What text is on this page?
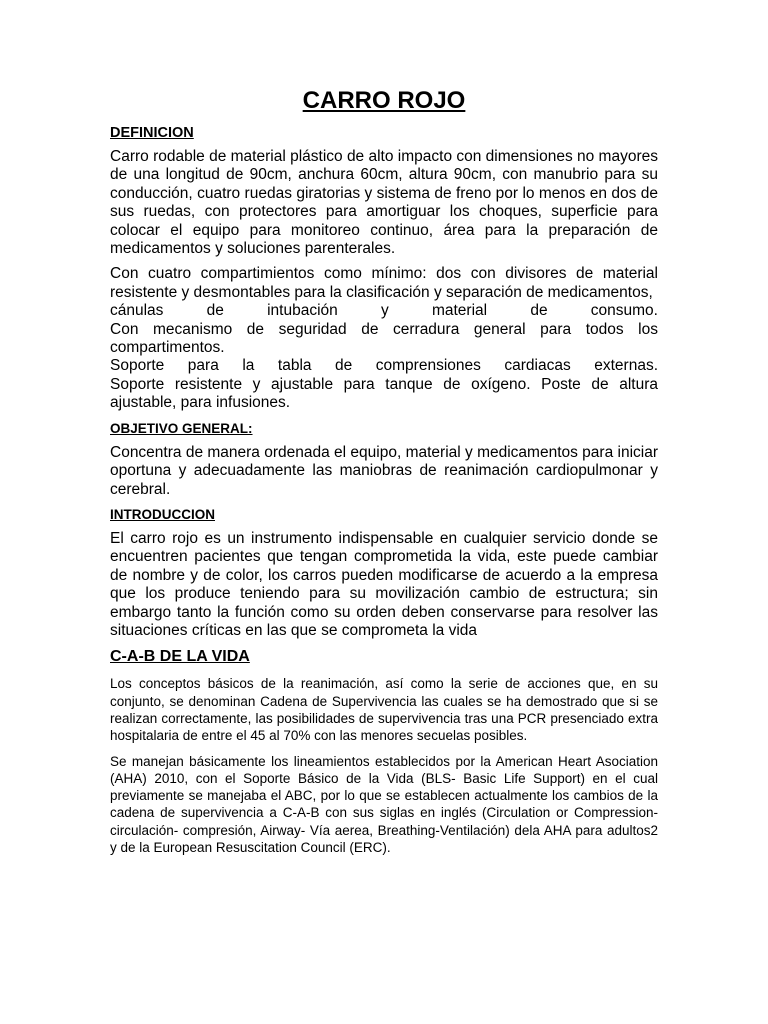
CARRO ROJO
DEFINICION

Carro rodable de material plástico de alto impacto con dimensiones no mayores de una longitud de 90cm, anchura 60cm, altura 90cm, con manubrio para su conducción, cuatro ruedas giratorias y sistema de freno por lo menos en dos de sus ruedas, con protectores para amortiguar los choques, superficie para colocar el equipo para monitoreo continuo, área para la preparación de medicamentos y soluciones parenterales.

Con cuatro compartimientos como mínimo: dos con divisores de material resistente y desmontables para la clasificación y separación de medicamentos,
cánulas de intubación y material de consumo.
Con mecanismo de seguridad de cerradura general para todos los compartimentos.
Soporte para la tabla de comprensiones cardiacas externas.
Soporte resistente y ajustable para tanque de oxígeno. Poste de altura ajustable, para infusiones.

OBJETIVO GENERAL:

Concentra de manera ordenada el equipo, material y medicamentos para iniciar oportuna y adecuadamente las maniobras de reanimación cardiopulmonar y cerebral.

INTRODUCCION

El carro rojo es un instrumento indispensable en cualquier servicio donde se encuentren pacientes que tengan comprometida la vida, este puede cambiar de nombre y de color, los carros pueden modificarse de acuerdo a la empresa que los produce teniendo para su movilización cambio de estructura; sin embargo tanto la función como su orden deben conservarse para resolver las situaciones críticas en las que se comprometa la vida

C-A-B DE LA VIDA

Los conceptos básicos de la reanimación, así como la serie de acciones que, en su conjunto, se denominan Cadena de Supervivencia las cuales se ha demostrado que si se realizan correctamente, las posibilidades de supervivencia tras una PCR presenciado extra hospitalaria de entre el 45 al 70% con las menores secuelas posibles.

Se manejan básicamente los lineamientos establecidos por la American Heart Asociation (AHA) 2010, con el Soporte Básico de la Vida (BLS- Basic Life Support) en el cual previamente se manejaba el ABC, por lo que se establecen actualmente los cambios de la cadena de supervivencia a C-A-B con sus siglas en inglés (Circulation or Compression- circulación- compresión, Airway- Vía aerea, Breathing-Ventilación) dela AHA para adultos2 y de la European Resuscitation Council (ERC).
